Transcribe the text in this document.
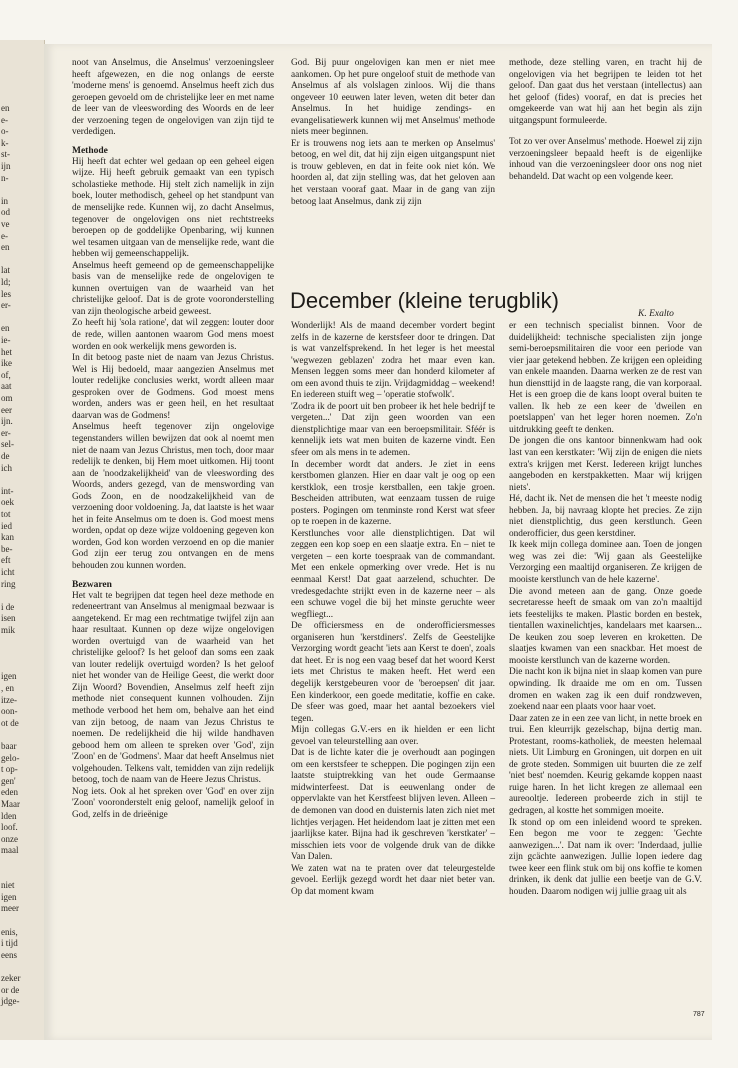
en
e-
o-
k-
st-
ijn
n-
in
od
ve
e-
en
lat
ld;
les
er-
en
ie-
het
ike
of,
aat
om
eer
ijn.
er-
sel-
de
ich
int-
oek
tot
ied
kan
be-
eft
icht
ring
i de
isen
mik
igen
, en
itze-
oon-
ot de
baar
gelo-
t op-
gen'
eden
Maar
lden
loof.
onze
maal
niet
igen
meer
enis,
i tijd
eens
zeker
or de
jdge-

noot van Anselmus, die Anselmus' verzoeningsleer heeft afgewezen, en die nog onlangs de eerste 'moderne mens' is genoemd. Anselmus heeft zich dus geroepen gevoeld om de christelijke leer en met name de leer van de vleeswording des Woords en de leer der verzoening tegen de ongelovigen van zijn tijd te verdedigen.

Methode

Hij heeft dat echter wel gedaan op een geheel eigen wijze. Hij heeft gebruik gemaakt van een typisch scholastieke methode. Hij stelt zich namelijk in zijn boek, louter methodisch, geheel op het standpunt van de menselijke rede. Kunnen wij, zo dacht Anselmus, tegenover de ongelovigen ons niet rechtstreeks beroepen op de goddelijke Openbaring, wij kunnen wel tesamen uitgaan van de menselijke rede, want die hebben wij gemeenschappelijk.

Anselmus heeft gemeend op de gemeenschappelijke basis van de menselijke rede de ongelovigen te kunnen overtuigen van de waarheid van het christelijke geloof. Dat is de grote vooronderstelling van zijn theologische arbeid geweest.

Zo heeft hij 'sola ratione', dat wil zeggen: louter door de rede, willen aantonen waarom God mens moest worden en ook werkelijk mens geworden is.

In dit betoog paste niet de naam van Jezus Christus. Wel is Hij bedoeld, maar aangezien Anselmus met louter redelijke conclusies werkt, wordt alleen maar gesproken over de Godmens. God moest mens worden, anders was er geen heil, en het resultaat daarvan was de Godmens!

Anselmus heeft tegenover zijn ongelovige tegenstanders willen bewijzen dat ook al noemt men niet de naam van Jezus Christus, men toch, door maar redelijk te denken, bij Hem moet uitkomen. Hij toont aan de 'noodzakelijkheid' van de vleeswording des Woords, anders gezegd, van de menswording van Gods Zoon, en de noodzakelijkheid van de verzoening door voldoening. Ja, dat laatste is het waar het in feite Anselmus om te doen is. God moest mens worden, opdat op deze wijze voldoening gegeven kon worden, God kon worden verzoend en op die manier God zijn eer terug zou ontvangen en de mens behouden zou kunnen worden.

Bezwaren

Het valt te begrijpen dat tegen heel deze methode en redeneertrant van Anselmus al menigmaal bezwaar is aangetekend. Er mag een rechtmatige twijfel zijn aan haar resultaat. Kunnen op deze wijze ongelovigen worden overtuigd van de waarheid van het christelijke geloof? Is het geloof dan soms een zaak van louter redelijk overtuigd worden? Is het geloof niet het wonder van de Heilige Geest, die werkt door Zijn Woord? Bovendien, Anselmus zelf heeft zijn methode niet consequent kunnen volhouden. Zijn methode verbood het hem om, behalve aan het eind van zijn betoog, de naam van Jezus Christus te noemen. De redelijkheid die hij wilde handhaven gebood hem om alleen te spreken over 'God', zijn 'Zoon' en de 'Godmens'. Maar dat heeft Anselmus niet volgehouden. Telkens valt, temidden van zijn redelijk betoog, toch de naam van de Heere Jezus Christus.

Nog iets. Ook al het spreken over 'God' en over zijn 'Zoon' vooronderstelt enig geloof, namelijk geloof in God, zelfs in de drieënige

God. Bij puur ongelovigen kan men er niet mee aankomen. Op het pure ongeloof stuit de methode van Anselmus af als volslagen zinloos. Wij die thans ongeveer 10 eeuwen later leven, weten dit beter dan Anselmus. In het huidige zendings- en evangelisatiewerk kunnen wij met Anselmus' methode niets meer beginnen.

Er is trouwens nog iets aan te merken op Anselmus' betoog, en wel dit, dat hij zijn eigen uitgangspunt niet is trouw gebleven, en dat in feite ook niet kón. We hoorden al, dat zijn stelling was, dat het geloven aan het verstaan vooraf gaat. Maar in de gang van zijn betoog laat Anselmus, dank zij zijn

methode, deze stelling varen, en tracht hij de ongelovigen via het begrijpen te leiden tot het geloof. Dan gaat dus het verstaan (intellectus) aan het geloof (fides) vooraf, en dat is precies het omgekeerde van wat hij aan het begin als zijn uitgangspunt formuleerde.

Tot zo ver over Anselmus' methode. Hoewel zij zijn verzoeningsleer bepaald heeft is de eigenlijke inhoud van die verzoeningsleer door ons nog niet behandeld. Dat wacht op een volgende keer.

K. Exalto
December (kleine terugblik)

Wonderlijk! Als de maand december vordert begint zelfs in de kazerne de kerstsfeer door te dringen. Dat is wat vanzelfsprekend. In het leger is het meestal 'wegwezen geblazen' zodra het maar even kan. Mensen leggen soms meer dan honderd kilometer af om een avond thuis te zijn. Vrijdagmiddag – weekend! En iedereen stuift weg – 'operatie stofwolk'.

'Zodra ik de poort uit ben probeer ik het hele bedrijf te vergeten...' Dat zijn geen woorden van een dienstplichtige maar van een beroepsmilitair. Sféér is kennelijk iets wat men buiten de kazerne vindt. Een sfeer om als mens in te ademen.

In december wordt dat anders. Je ziet in eens kerstbomen glanzen. Hier en daar valt je oog op een kerstklok, een trosje kerstballen, een takje groen. Bescheiden attributen, wat eenzaam tussen de ruige posters. Pogingen om tenminste rond Kerst wat sfeer op te roepen in de kazerne.

Kerstlunches voor alle dienstplichtigen. Dat wil zeggen een kop soep en een slaatje extra. En – niet te vergeten – een korte toespraak van de commandant. Met een enkele opmerking over vrede. Het is nu eenmaal Kerst! Dat gaat aarzelend, schuchter. De vredesgedachte strijkt even in de kazerne neer – als een schuwe vogel die bij het minste geruchte weer wegfliegt...

De officiersmess en de onderofficiersmesses organiseren hun 'kerstdiners'. Zelfs de Geestelijke Verzorging wordt geacht 'iets aan Kerst te doen', zoals dat heet. Er is nog een vaag besef dat het woord Kerst iets met Christus te maken heeft. Het werd een degelijk kerstgebeuren voor de 'beroepsen' dit jaar. Een kinderkoor, een goede meditatie, koffie en cake. De sfeer was goed, maar het aantal bezoekers viel tegen.

Mijn collegas G.V.-ers en ik hielden er een licht gevoel van teleurstelling aan over.

Dat is de lichte kater die je overhoudt aan pogingen om een kerstsfeer te scheppen. Die pogingen zijn een laatste stuiptrekking van het oude Germaanse midwinterfeest. Dat is eeuwenlang onder de oppervlakte van het Kerstfeest blijven leven. Alleen – de demonen van dood en duisternis laten zich niet met lichtjes verjagen. Het heidendom laat je zitten met een jaarlijkse kater. Bijna had ik geschreven 'kerstkater' – misschien iets voor de volgende druk van de dikke Van Dalen.

We zaten wat na te praten over dat teleurgestelde gevoel. Eerlijk gezegd wordt het daar niet beter van. Op dat moment kwam

er een technisch specialist binnen. Voor de duidelijkheid: technische specialisten zijn jonge semi-beroepsmilitairen die voor een periode van vier jaar getekend hebben. Ze krijgen een opleiding van enkele maanden. Daarna werken ze de rest van hun diensttijd in de laagste rang, die van korporaal. Het is een groep die de kans loopt overal buiten te vallen. Ik heb ze een keer de 'dweilen en poetslappen' van het leger horen noemen. Zo'n uitdrukking geeft te denken.

De jongen die ons kantoor binnenkwam had ook last van een kerstkater: 'Wij zijn de enigen die niets extra's krijgen met Kerst. Iedereen krijgt lunches aangeboden en kerstpakketten. Maar wij krijgen niets'.

Hé, dacht ik. Net de mensen die het 't meeste nodig hebben. Ja, bij navraag klopte het precies. Ze zijn niet dienstplichtig, dus geen kerstlunch. Geen onderofficier, dus geen kerstdiner.

Ik keek mijn collega dominee aan. Toen de jongen weg was zei die: 'Wij gaan als Geestelijke Verzorging een maaltijd organiseren. Ze krijgen de mooiste kerstlunch van de hele kazerne'.

Die avond meteen aan de gang. Onze goede secretaresse heeft de smaak om van zo'n maaltijd iets feestelijks te maken. Plastic borden en bestek, tientallen waxinelichtjes, kandelaars met kaarsen... De keuken zou soep leveren en kroketten. De slaatjes kwamen van een snackbar. Het moest de mooiste kerstlunch van de kazerne worden.

Die nacht kon ik bijna niet in slaap komen van pure opwinding. Ik draaide me om en om. Tussen dromen en waken zag ik een duif rondzweven, zoekend naar een plaats voor haar voet.

Daar zaten ze in een zee van licht, in nette broek en trui. Een kleurrijk gezelschap, bijna dertig man. Protestant, rooms-katholiek, de meesten helemaal niets. Uit Limburg en Groningen, uit dorpen en uit de grote steden. Sommigen uit buurten die ze zelf 'niet best' noemden. Keurig gekamde koppen naast ruige haren. In het licht kregen ze allemaal een aureooltje. Iedereen probeerde zich in stijl te gedragen, al kostte het sommigen moeite.

Ik stond op om een inleidend woord te spreken. Een begon me voor te zeggen: 'Gechte aanwezigen...'. Dat nam ik over: 'Inderdaad, jullie zijn gcächte aanwezigen. Jullie lopen iedere dag twee keer een flink stuk om bij ons koffie te komen drinken, ik denk dat jullie een beetje van de G.V. houden. Daarom nodigen wij jullie graag uit als

787
